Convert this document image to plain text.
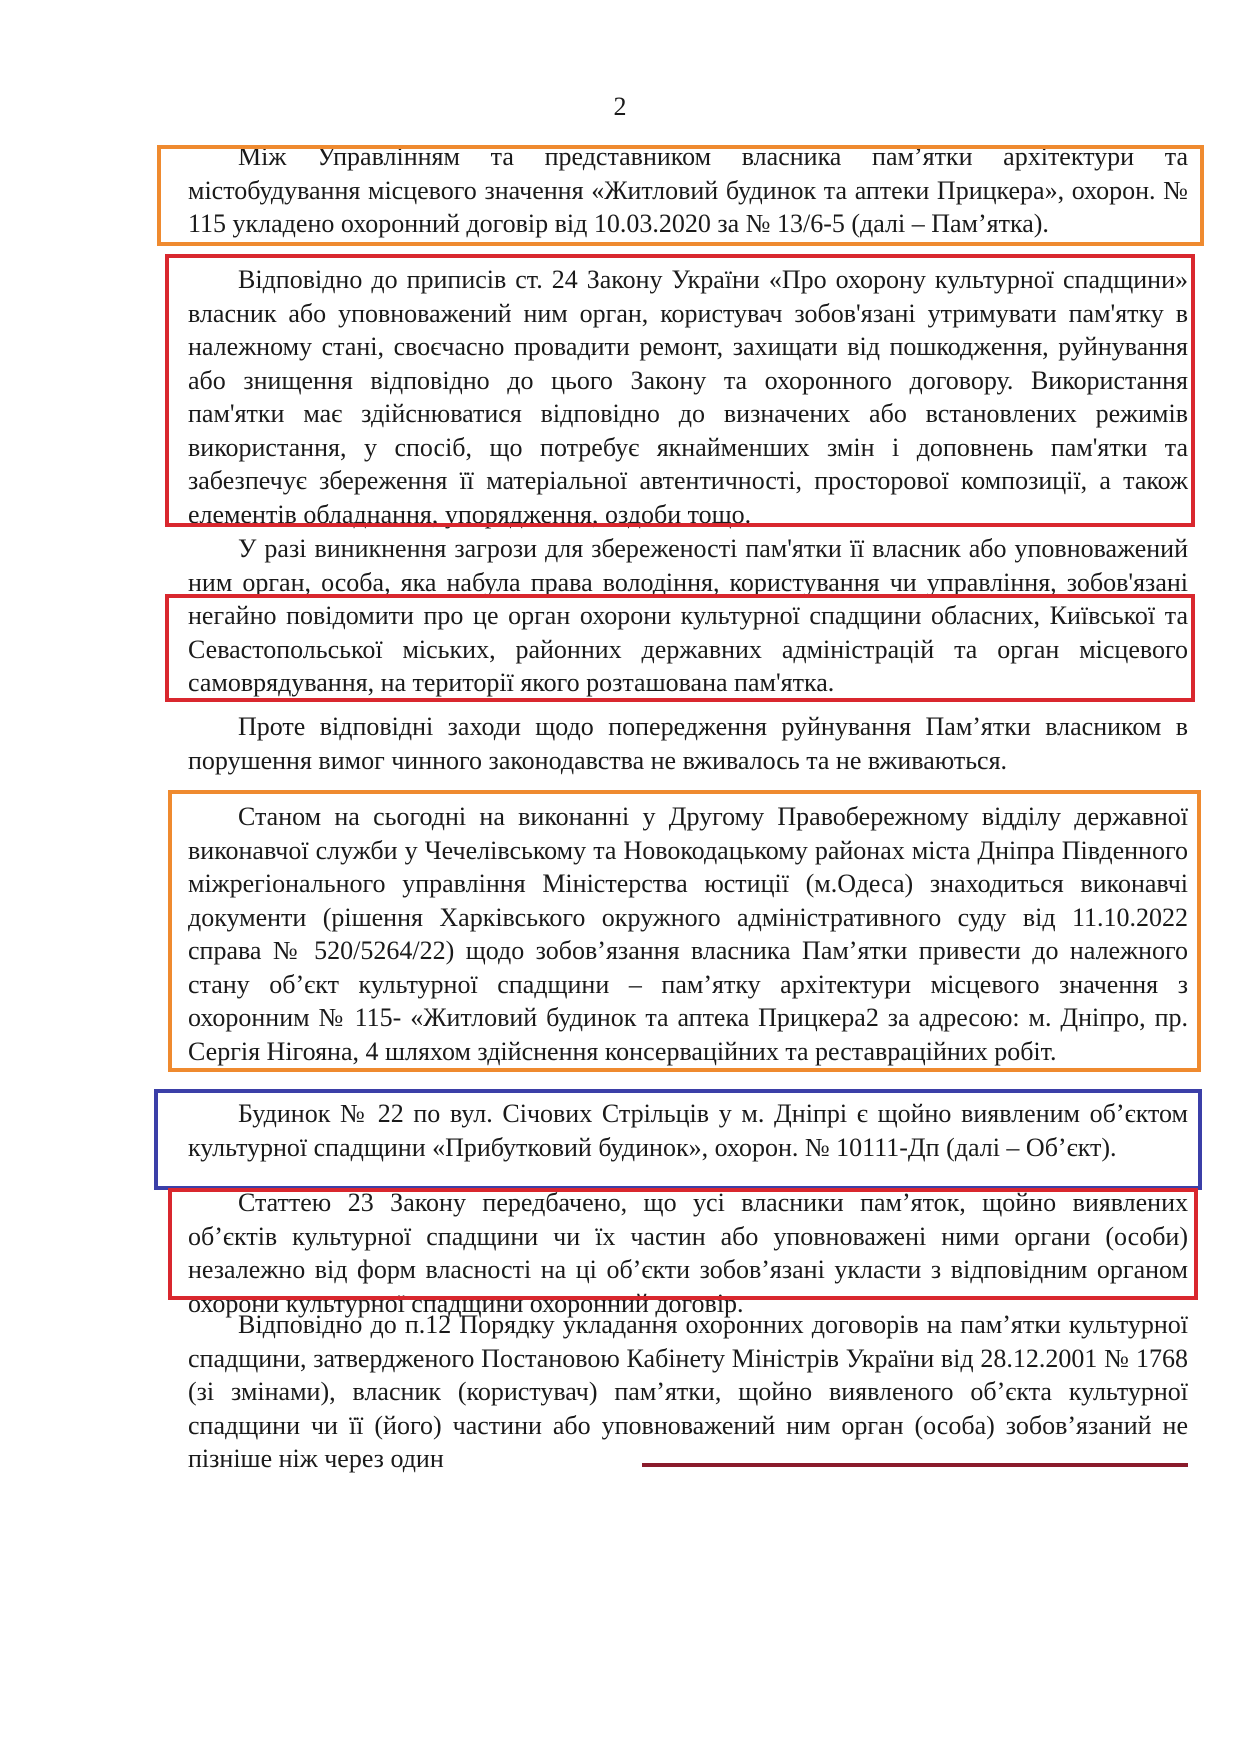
2

Між Управлінням та представником власника пам’ятки архітектури та містобудування місцевого значення «Житловий будинок та аптеки Прицкера», охорон. № 115 укладено охоронний договір від 10.03.2020 за № 13/6-5 (далі – Пам’ятка).

Відповідно до приписів ст. 24 Закону України «Про охорону культурної спадщини» власник або уповноважений ним орган, користувач зобов'язані утримувати пам'ятку в належному стані, своєчасно провадити ремонт, захищати від пошкодження, руйнування або знищення відповідно до цього Закону та охоронного договору. Використання пам'ятки має здійснюватися відповідно до визначених або встановлених режимів використання, у спосіб, що потребує якнайменших змін і доповнень пам'ятки та забезпечує збереження її матеріальної автентичності, просторової композиції, а також елементів обладнання, упорядження, оздоби тощо.

У разі виникнення загрози для збереженості пам'ятки її власник або уповноважений ним орган, особа, яка набула права володіння, користування чи управління, зобов'язані негайно повідомити про це орган охорони культурної спадщини обласних, Київської та Севастопольської міських, районних державних адміністрацій та орган місцевого самоврядування, на території якого розташована пам'ятка.

Проте відповідні заходи щодо попередження руйнування Пам’ятки власником в порушення вимог чинного законодавства не вживалось та не вживаються.

Станом на сьогодні на виконанні у Другому Правобережному відділу державної виконавчої служби у Чечелівському та Новокодацькому районах міста Дніпра Південного міжрегіонального управління Міністерства юстиції (м.Одеса) знаходиться виконавчі документи (рішення Харківського окружного адміністративного суду від 11.10.2022 справа № 520/5264/22) щодо зобов’язання власника Пам’ятки привести до належного стану об’єкт культурної спадщини – пам’ятку архітектури місцевого значення з охоронним № 115- «Житловий будинок та аптека Прицкера2 за адресою: м. Дніпро, пр. Сергія Нігояна, 4 шляхом здійснення консерваційних та реставраційних робіт.

Будинок № 22 по вул. Січових Стрільців у м. Дніпрі є щойно виявленим об’єктом культурної спадщини «Прибутковий будинок», охорон. № 10111-Дп (далі – Об’єкт).

Статтею 23 Закону передбачено, що усі власники пам’яток, щойно виявлених об’єктів культурної спадщини чи їх частин або уповноважені ними органи (особи) незалежно від форм власності на ці об’єкти зобов’язані укласти з відповідним органом охорони культурної спадщини охоронний договір.

Відповідно до п.12 Порядку укладання охоронних договорів на пам’ятки культурної спадщини, затвердженого Постановою Кабінету Міністрів України від 28.12.2001 № 1768 (зі змінами), власник (користувач) пам’ятки, щойно виявленого об’єкта культурної спадщини чи її (його) частини або уповноважений ним орган (особа) зобов’язаний не пізніше ніж через один
